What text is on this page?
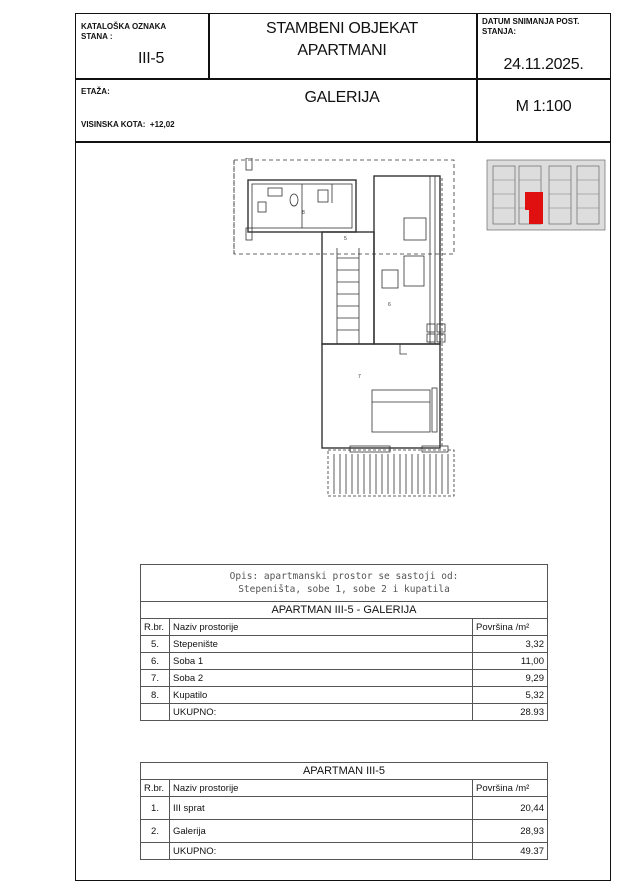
KATALOŠKA OZNAKA
STANA :
III-5
STAMBENI OBJEKAT
APARTMANI
DATUM SNIMANJA POST.
STANJA:
24.11.2025.
ETAŽA:	GALERIJA
VISINSKA KOTA: +12,02
M 1:100
8
6
7
5
Opis: apartmanski prostor se sastoji od:
Stepeništa, sobe 1, sobe 2 i kupatila
APARTMAN III-5 - GALERIJA		
R.br.	Naziv prostorije	Površina /m²
5.	Stepenište	3,32
6.	Soba 1	11,00
7.	Soba 2	9,29
8.	Kupatilo	5,32
	UKUPNO:	28.93
APARTMAN III-5		
R.br.	Naziv prostorije	Površina /m²
1.	III sprat	20,44
2.	Galerija	28,93
	UKUPNO:	49.37
